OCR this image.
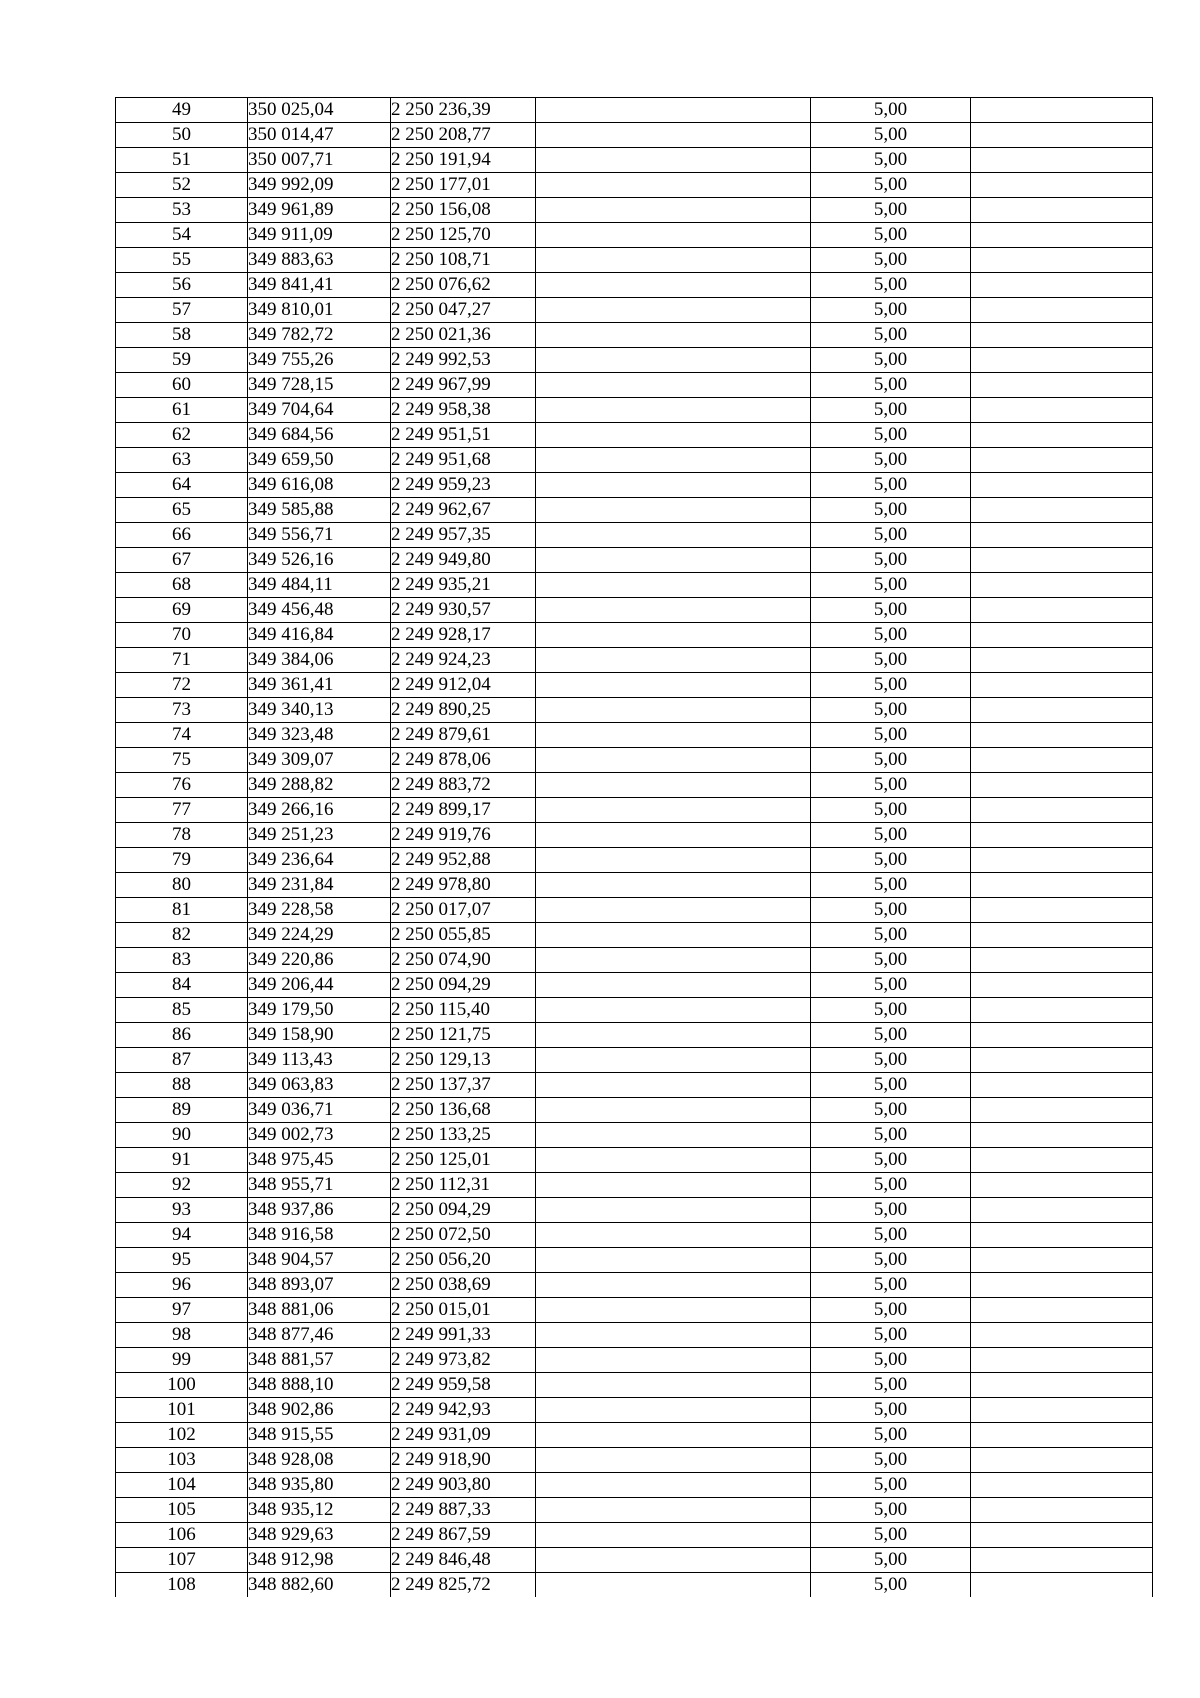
49	350 025,04	2 250 236,39		5,00	
50	350 014,47	2 250 208,77		5,00	
51	350 007,71	2 250 191,94		5,00	
52	349 992,09	2 250 177,01		5,00	
53	349 961,89	2 250 156,08		5,00	
54	349 911,09	2 250 125,70		5,00	
55	349 883,63	2 250 108,71		5,00	
56	349 841,41	2 250 076,62		5,00	
57	349 810,01	2 250 047,27		5,00	
58	349 782,72	2 250 021,36		5,00	
59	349 755,26	2 249 992,53		5,00	
60	349 728,15	2 249 967,99		5,00	
61	349 704,64	2 249 958,38		5,00	
62	349 684,56	2 249 951,51		5,00	
63	349 659,50	2 249 951,68		5,00	
64	349 616,08	2 249 959,23		5,00	
65	349 585,88	2 249 962,67		5,00	
66	349 556,71	2 249 957,35		5,00	
67	349 526,16	2 249 949,80		5,00	
68	349 484,11	2 249 935,21		5,00	
69	349 456,48	2 249 930,57		5,00	
70	349 416,84	2 249 928,17		5,00	
71	349 384,06	2 249 924,23		5,00	
72	349 361,41	2 249 912,04		5,00	
73	349 340,13	2 249 890,25		5,00	
74	349 323,48	2 249 879,61		5,00	
75	349 309,07	2 249 878,06		5,00	
76	349 288,82	2 249 883,72		5,00	
77	349 266,16	2 249 899,17		5,00	
78	349 251,23	2 249 919,76		5,00	
79	349 236,64	2 249 952,88		5,00	
80	349 231,84	2 249 978,80		5,00	
81	349 228,58	2 250 017,07		5,00	
82	349 224,29	2 250 055,85		5,00	
83	349 220,86	2 250 074,90		5,00	
84	349 206,44	2 250 094,29		5,00	
85	349 179,50	2 250 115,40		5,00	
86	349 158,90	2 250 121,75		5,00	
87	349 113,43	2 250 129,13		5,00	
88	349 063,83	2 250 137,37		5,00	
89	349 036,71	2 250 136,68		5,00	
90	349 002,73	2 250 133,25		5,00	
91	348 975,45	2 250 125,01		5,00	
92	348 955,71	2 250 112,31		5,00	
93	348 937,86	2 250 094,29		5,00	
94	348 916,58	2 250 072,50		5,00	
95	348 904,57	2 250 056,20		5,00	
96	348 893,07	2 250 038,69		5,00	
97	348 881,06	2 250 015,01		5,00	
98	348 877,46	2 249 991,33		5,00	
99	348 881,57	2 249 973,82		5,00	
100	348 888,10	2 249 959,58		5,00	
101	348 902,86	2 249 942,93		5,00	
102	348 915,55	2 249 931,09		5,00	
103	348 928,08	2 249 918,90		5,00	
104	348 935,80	2 249 903,80		5,00	
105	348 935,12	2 249 887,33		5,00	
106	348 929,63	2 249 867,59		5,00	
107	348 912,98	2 249 846,48		5,00	
108	348 882,60	2 249 825,72		5,00	
